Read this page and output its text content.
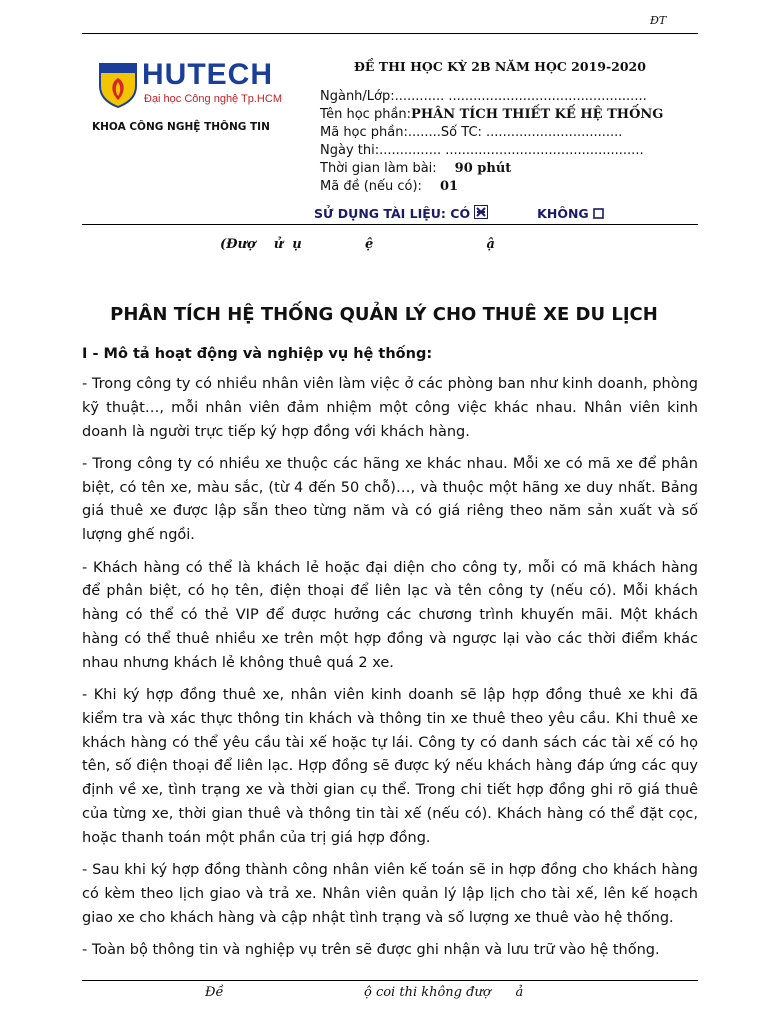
ĐT
HUTECH
Đại học Công nghệ Tp.HCM
KHOA CÔNG NGHỆ THÔNG TIN
ĐỀ THI HỌC KỲ 2B NĂM HỌC 2019-2020
Ngành/Lớp:............ ................................................
Tên học phần:PHÂN TÍCH THIẾT KẾ HỆ THỐNG
Mã học phần:........Số TC: .................................
Ngày thi:............... ................................................
Thời gian làm bài:90 phút
Mã đề (nếu có):01
SỬ DỤNG TÀI LIỆU: CÓ	KHÔNG
(Đượ    ử  ụ              ệ                         ậ
PHÂN TÍCH HỆ THỐNG QUẢN LÝ CHO THUÊ XE DU LỊCH
I - Mô tả hoạt động và nghiệp vụ hệ thống:

- Trong công ty có nhiều nhân viên làm việc ở các phòng ban như kinh doanh, phòng kỹ thuật…, mỗi nhân viên đảm nhiệm một công việc khác nhau. Nhân viên kinh doanh là người trực tiếp ký hợp đồng với khách hàng.

- Trong công ty có nhiều xe thuộc các hãng xe khác nhau. Mỗi xe có mã xe để phân biệt, có tên xe, màu sắc, (từ 4 đến 50 chỗ)…, và thuộc một hãng xe duy nhất. Bảng giá thuê xe được lập sẵn theo từng năm và có giá riêng theo năm sản xuất và số lượng ghế ngồi.

- Khách hàng có thể là khách lẻ hoặc đại diện cho công ty, mỗi có mã khách hàng để phân biệt, có họ tên, điện thoại để liên lạc và tên công ty (nếu có). Mỗi khách hàng có thể có thẻ VIP để được hưởng các chương trình khuyến mãi. Một khách hàng có thể thuê nhiều xe trên một hợp đồng và ngược lại vào các thời điểm khác nhau nhưng khách lẻ không thuê quá 2 xe.

- Khi ký hợp đồng thuê xe, nhân viên kinh doanh sẽ lập hợp đồng thuê xe khi đã kiểm tra và xác thực thông tin khách và thông tin xe thuê theo yêu cầu. Khi thuê xe khách hàng có thể yêu cầu tài xế hoặc tự lái. Công ty có danh sách các tài xế có họ tên, số điện thoại để liên lạc. Hợp đồng sẽ được ký nếu khách hàng đáp ứng các quy định về xe, tình trạng xe và thời gian cụ thể. Trong chi tiết hợp đồng ghi rõ giá thuê của từng xe, thời gian thuê và thông tin tài xế (nếu có). Khách hàng có thể đặt cọc, hoặc thanh toán một phần của trị giá hợp đồng.

- Sau khi ký hợp đồng thành công nhân viên kế toán sẽ in hợp đồng cho khách hàng có kèm theo lịch giao và trả xe. Nhân viên quản lý lập lịch cho tài xế, lên kế hoạch giao xe cho khách hàng và cập nhật tình trạng và số lượng xe thuê vào hệ thống.

- Toàn bộ thông tin và nghiệp vụ trên sẽ được ghi nhận và lưu trữ vào hệ thống.

Đề                                  ộ coi thi không đượ      ả
